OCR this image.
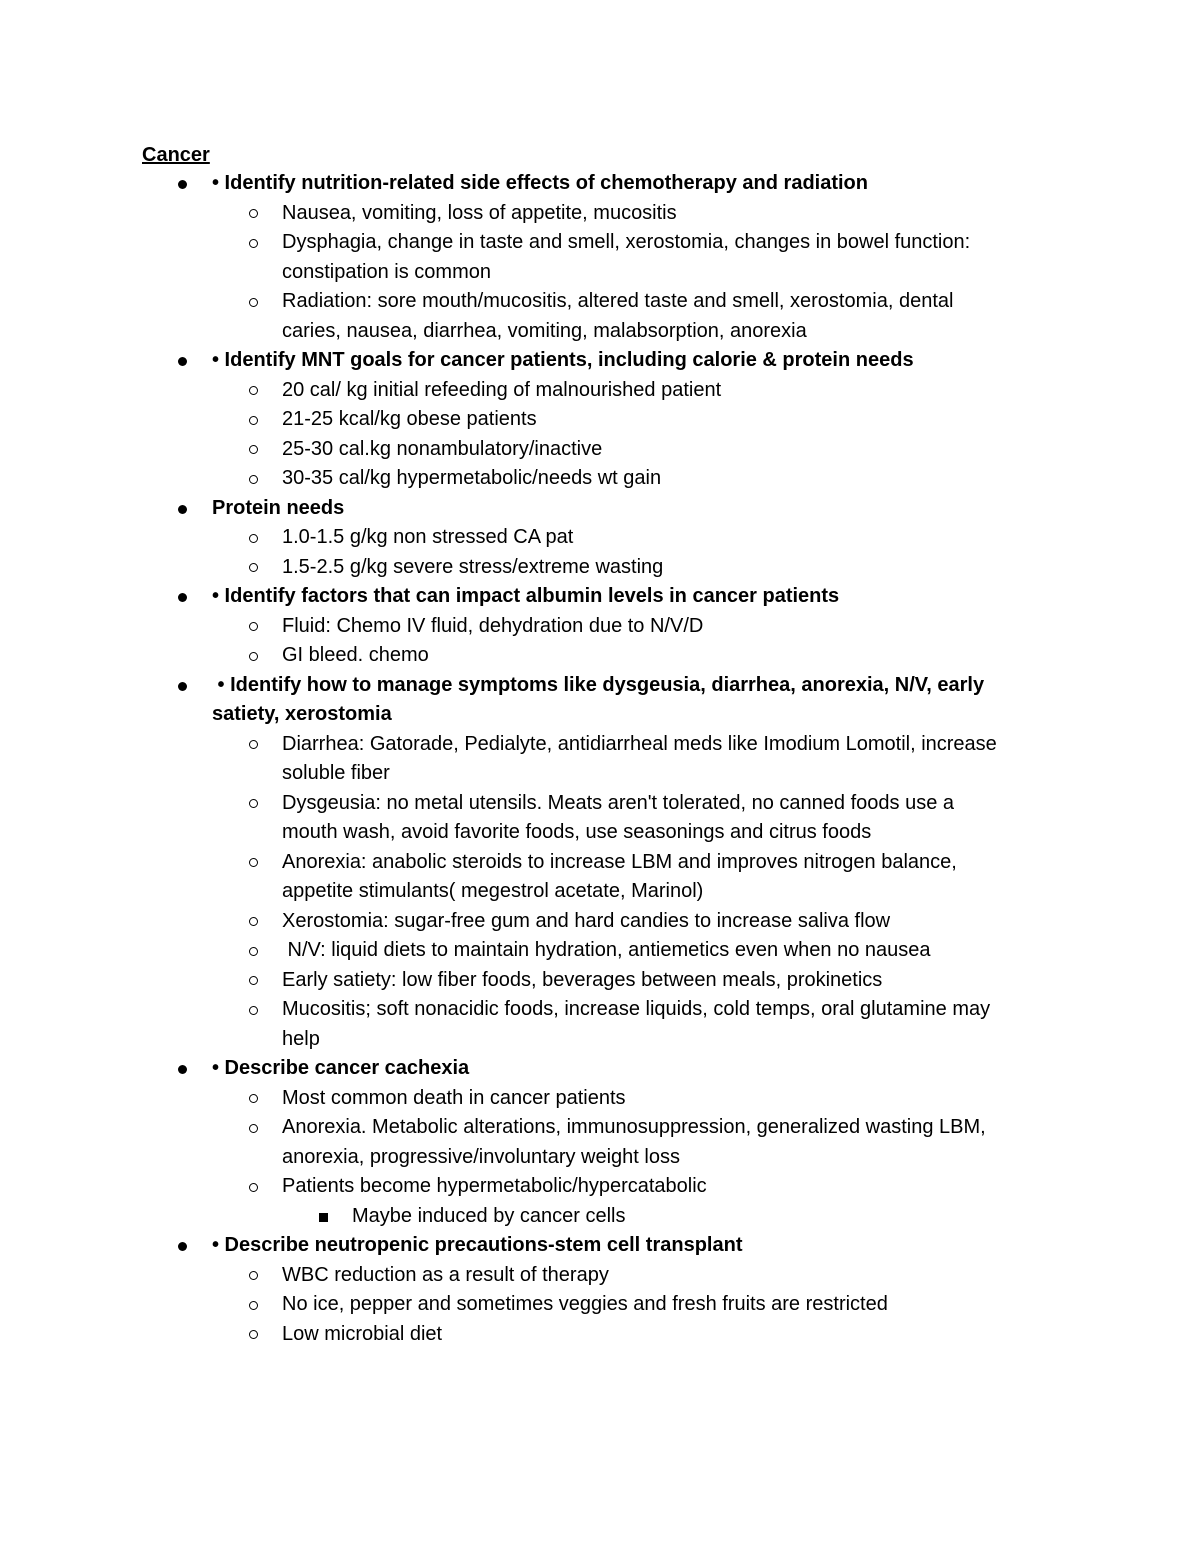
Cancer
• Identify nutrition-related side effects of chemotherapy and radiation
Nausea, vomiting, loss of appetite, mucositis
Dysphagia, change in taste and smell, xerostomia, changes in bowel function:
constipation is common
Radiation: sore mouth/mucositis, altered taste and smell, xerostomia, dental
caries, nausea, diarrhea, vomiting, malabsorption, anorexia
• Identify MNT goals for cancer patients, including calorie & protein needs
20 cal/ kg initial refeeding of malnourished patient
21-25 kcal/kg obese patients
25-30 cal.kg nonambulatory/inactive
30-35 cal/kg hypermetabolic/needs wt gain
Protein needs
1.0-1.5 g/kg non stressed CA pat
1.5-2.5 g/kg severe stress/extreme wasting
• Identify factors that can impact albumin levels in cancer patients
Fluid: Chemo IV fluid, dehydration due to N/V/D
GI bleed. chemo
• Identify how to manage symptoms like dysgeusia, diarrhea, anorexia, N/V, early
satiety, xerostomia
Diarrhea: Gatorade, Pedialyte, antidiarrheal meds like Imodium Lomotil, increase
soluble fiber
Dysgeusia: no metal utensils. Meats aren't tolerated, no canned foods use a
mouth wash, avoid favorite foods, use seasonings and citrus foods
Anorexia: anabolic steroids to increase LBM and improves nitrogen balance,
appetite stimulants( megestrol acetate, Marinol)
Xerostomia: sugar-free gum and hard candies to increase saliva flow
N/V: liquid diets to maintain hydration, antiemetics even when no nausea
Early satiety: low fiber foods, beverages between meals, prokinetics
Mucositis; soft nonacidic foods, increase liquids, cold temps, oral glutamine may
help
• Describe cancer cachexia
Most common death in cancer patients
Anorexia. Metabolic alterations, immunosuppression, generalized wasting LBM,
anorexia, progressive/involuntary weight loss
Patients become hypermetabolic/hypercatabolic
Maybe induced by cancer cells
• Describe neutropenic precautions-stem cell transplant
WBC reduction as a result of therapy
No ice, pepper and sometimes veggies and fresh fruits are restricted
Low microbial diet
